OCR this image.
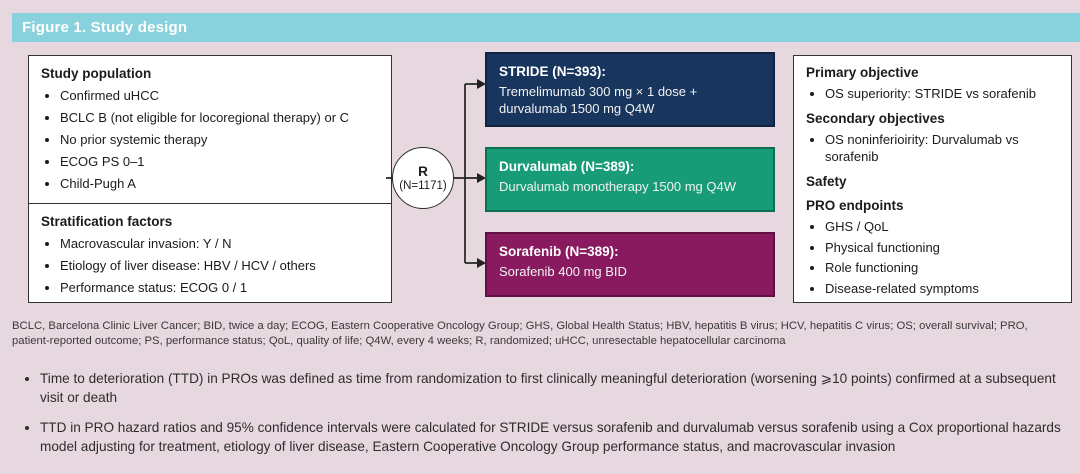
Figure 1. Study design
Study population
• Confirmed uHCC
• BCLC B (not eligible for locoregional therapy) or C
• No prior systemic therapy
• ECOG PS 0–1
• Child-Pugh A
Stratification factors
• Macrovascular invasion: Y / N
• Etiology of liver disease: HBV / HCV / others
• Performance status: ECOG 0 / 1
R
(N=1171)
STRIDE (N=393):
Tremelimumab 300 mg × 1 dose + durvalumab 1500 mg Q4W
Durvalumab (N=389):
Durvalumab monotherapy 1500 mg Q4W
Sorafenib (N=389):
Sorafenib 400 mg BID
Primary objective
• OS superiority: STRIDE vs sorafenib
Secondary objectives
• OS noninferioirity: Durvalumab vs sorafenib
Safety
PRO endpoints
• GHS / QoL
• Physical functioning
• Role functioning
• Disease-related symptoms
BCLC, Barcelona Clinic Liver Cancer; BID, twice a day; ECOG, Eastern Cooperative Oncology Group; GHS, Global Health Status; HBV, hepatitis B virus; HCV, hepatitis C virus; OS; overall survival; PRO, patient-reported outcome; PS, performance status; QoL, quality of life; Q4W, every 4 weeks; R, randomized; uHCC, unresectable hepatocellular carcinoma
• Time to deterioration (TTD) in PROs was defined as time from randomization to first clinically meaningful deterioration (worsening ⩾10 points) confirmed at a subsequent visit or death
• TTD in PRO hazard ratios and 95% confidence intervals were calculated for STRIDE versus sorafenib and durvalumab versus sorafenib using a Cox proportional hazards model adjusting for treatment, etiology of liver disease, Eastern Cooperative Oncology Group performance status, and macrovascular invasion
